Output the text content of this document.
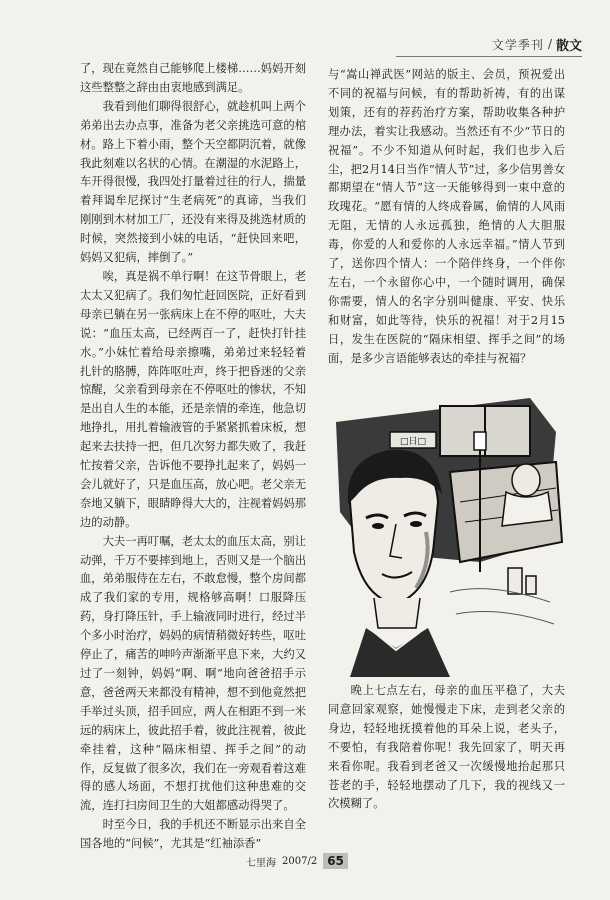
文学季刊 / 散文

了，现在竟然自己能够爬上楼梯……妈妈开刻这些整整之辞由由衷地感到满足。

我看到他们聊得很舒心，就趁机叫上两个弟弟出去办点事，准备为老父亲挑选可意的棺材。路上下着小雨，整个天空都阴沉着，就像我此刻难以名状的心情。在潮湿的水泥路上，车开得很慢，我四处打量着过往的行人，揣量着拜谒牟尼探讨“生老病死”的真谛，当我们刚刚到木材加工厂，还没有来得及挑选材质的时候，突然接到小妹的电话，“赶快回来吧，妈妈又犯病，摔倒了。”

唉，真是祸不单行啊！在这节骨眼上，老太太又犯病了。我们匆忙赶回医院，正好看到母亲已躺在另一张病床上在不停的呕吐，大夫说：“血压太高，已经两百一了，赶快打针挂水。”小妹忙着给母亲擦嘴，弟弟过来轻轻着扎针的胳膊，阵阵呕吐声，终于把昏迷的父亲惊醒，父亲看到母亲在不停呕吐的惨状，不知是出自人生的本能，还是亲情的牵连，他急切地挣扎，用扎着输液管的手紧紧抓着床板，想起来去扶持一把，但几次努力都失败了，我赶忙按着父亲，告诉他不要挣扎起来了，妈妈一会儿就好了，只是血压高，放心吧。老父亲无奈地又躺下，眼睛睁得大大的，注视着妈妈那边的动静。

大夫一再叮嘱，老太太的血压太高，别让动弹，千万不要摔到地上，否则又是一个脑出血，弟弟服侍在左右，不敢怠慢，整个房间都成了我们家的专用，规格够高啊！口服降压药，身打降压针，手上输液同时进行，经过半个多小时治疗，妈妈的病情稍微好转些，呕吐停止了，痛苦的呻吟声渐渐平息下来，大约又过了一刻钟，妈妈“啊、啊”地向爸爸招手示意，爸爸两天来都没有精神，想不到他竟然把手举过头顶，招手回应，两人在相距不到一米远的病床上，彼此招手着，彼此注视着，彼此牵挂着，这种“隔床相望、挥手之间”的动作，反复做了很多次，我们在一旁观看着这难得的感人场面，不想打扰他们这种患难的交流，连打扫房间卫生的大姐都感动得哭了。

时至今日，我的手机还不断显示出来自全国各地的“问候”，尤其是“红袖添香”

与“嵩山禅武医”网站的版主、会员，预祝爱出不同的祝福与问候，有的帮助祈祷，有的出谋划策，还有的荐药治疗方案，帮助收集各种护理办法，着实让我感动。当然还有不少“节日的祝福”。不少不知道从何时起，我们也步入后尘，把2月14日当作“情人节”过，多少信男善女都期望在“情人节”这一天能够得到一束中意的玫瑰花。“愿有情的人终成眷属，偷情的人风雨无阻，无情的人永远孤独，绝情的人大胆服毒，你爱的人和爱你的人永远幸福。”情人节到了，送你四个情人：一个陪伴终身，一个伴你左右，一个永留你心中，一个随时调用，确保你需要，情人的名字分别叫健康、平安、快乐和财富，如此等待，快乐的祝福！对于2月15日，发生在医院的“隔床相望、挥手之间”的场面，是多少言语能够表达的牵挂与祝福？

□日□

晚上七点左右，母亲的血压平稳了，大夫同意回家观察，她慢慢走下床，走到老父亲的身边，轻轻地抚摸着他的耳朵上说，老头子，不要怕，有我陪着你呢！我先回家了，明天再来看你呢。我看到老爸又一次缓慢地抬起那只苍老的手，轻轻地摆动了几下，我的视线又一次模糊了。

七里海 2007/2 65
